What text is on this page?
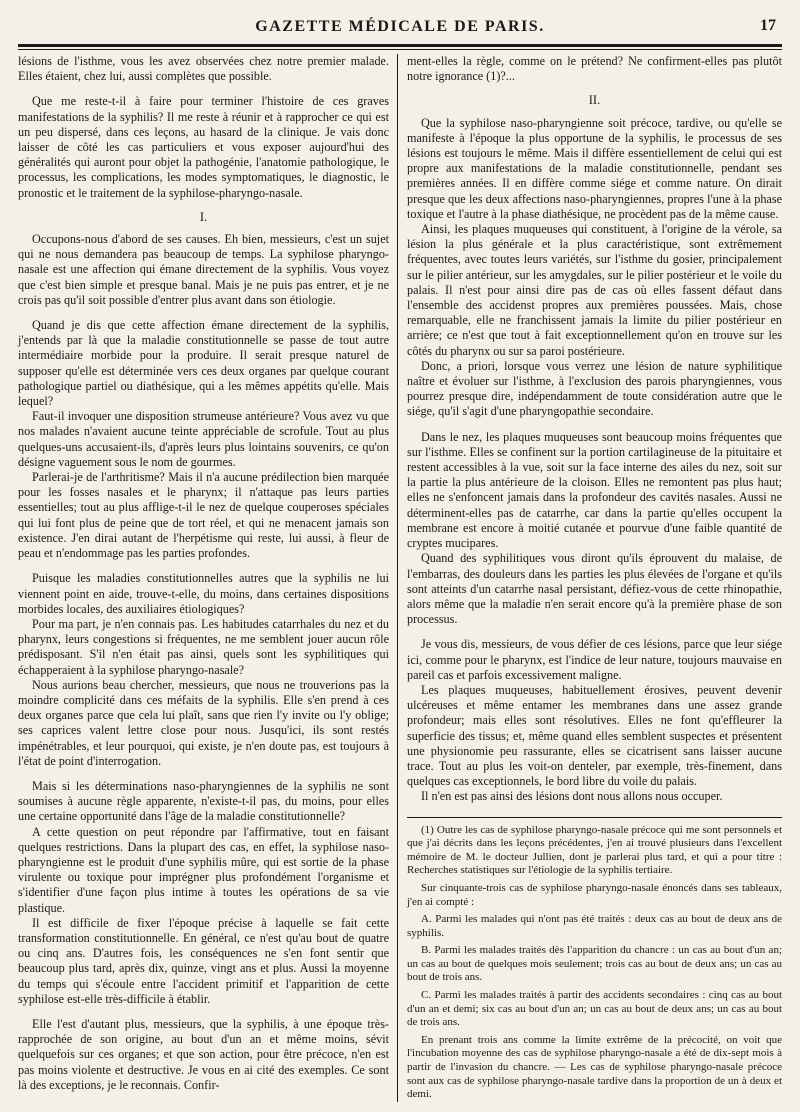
GAZETTE MÉDICALE DE PARIS.	17

lésions de l'isthme, vous les avez observées chez notre premier malade. Elles étaient, chez lui, aussi complètes que possible.

Que me reste-t-il à faire pour terminer l'histoire de ces graves manifestations de la syphilis? Il me reste à réunir et à rapprocher ce qui est un peu dispersé, dans ces leçons, au hasard de la clinique. Je vais donc laisser de côté les cas particuliers et vous exposer aujourd'hui des généralités qui auront pour objet la pathogénie, l'anatomie pathologique, le processus, les complications, les modes symptomatiques, le diagnostic, le pronostic et le traitement de la syphilose-pharyngo-nasale.

I.

Occupons-nous d'abord de ses causes. Eh bien, messieurs, c'est un sujet qui ne nous demandera pas beaucoup de temps. La syphilose pharyngo-nasale est une affection qui émane directement de la syphilis. Vous voyez que c'est bien simple et presque banal. Mais je ne puis pas entrer, et je ne crois pas qu'il soit possible d'entrer plus avant dans son étiologie.

Quand je dis que cette affection émane directement de la syphilis, j'entends par là que la maladie constitutionnelle se passe de tout autre intermédiaire morbide pour la produire. Il serait presque naturel de supposer qu'elle est déterminée vers ces deux organes par quelque courant pathologique partiel ou diathésique, qui a les mêmes appétits qu'elle. Mais lequel?

Faut-il invoquer une disposition strumeuse antérieure? Vous avez vu que nos malades n'avaient aucune teinte appréciable de scrofule. Tout au plus quelques-uns accusaient-ils, d'après leurs plus lointains souvenirs, ce qu'on désigne vaguement sous le nom de gourmes.

Parlerai-je de l'arthritisme? Mais il n'a aucune prédilection bien marquée pour les fosses nasales et le pharynx; il n'attaque pas leurs parties essentielles; tout au plus afflige-t-il le nez de quelque couperoses spéciales qui lui font plus de peine que de tort réel, et qui ne menacent jamais son existence. J'en dirai autant de l'herpétisme qui reste, lui aussi, à fleur de peau et n'endommage pas les parties profondes.

Puisque les maladies constitutionnelles autres que la syphilis ne lui viennent point en aide, trouve-t-elle, du moins, dans certaines dispositions morbides locales, des auxiliaires étiologiques?

Pour ma part, je n'en connais pas. Les habitudes catarrhales du nez et du pharynx, leurs congestions si fréquentes, ne me semblent jouer aucun rôle prédisposant. S'il n'en était pas ainsi, quels sont les syphilitiques qui échapperaient à la syphilose pharyngo-nasale?

Nous aurions beau chercher, messieurs, que nous ne trouverions pas la moindre complicité dans ces méfaits de la syphilis. Elle s'en prend à ces deux organes parce que cela lui plaît, sans que rien l'y invite ou l'y oblige; ses caprices valent lettre close pour nous. Jusqu'ici, ils sont restés impénétrables, et leur pourquoi, qui existe, je n'en doute pas, est toujours à l'état de point d'interrogation.

Mais si les déterminations naso-pharyngiennes de la syphilis ne sont soumises à aucune règle apparente, n'existe-t-il pas, du moins, pour elles une certaine opportunité dans l'âge de la maladie constitutionnelle?

A cette question on peut répondre par l'affirmative, tout en faisant quelques restrictions. Dans la plupart des cas, en effet, la syphilose naso-pharyngienne est le produit d'une syphilis mûre, qui est sortie de la phase virulente ou toxique pour imprégner plus profondément l'organisme et s'identifier d'une façon plus intime à toutes les opérations de sa vie plastique.

Il est difficile de fixer l'époque précise à laquelle se fait cette transformation constitutionnelle. En général, ce n'est qu'au bout de quatre ou cinq ans. D'autres fois, les conséquences ne s'en font sentir que beaucoup plus tard, après dix, quinze, vingt ans et plus. Aussi la moyenne du temps qui s'écoule entre l'accident primitif et l'apparition de cette syphilose est-elle très-difficile à établir.

Elle l'est d'autant plus, messieurs, que la syphilis, à une époque très-rapprochée de son origine, au bout d'un an et même moins, sévit quelquefois sur ces organes; et que son action, pour être précoce, n'en est pas moins violente et destructive. Je vous en ai cité des exemples. Ce sont là des exceptions, je le reconnais. Confir-

ment-elles la règle, comme on le prétend? Ne confirment-elles pas plutôt notre ignorance (1)?...

II.

Que la syphilose naso-pharyngienne soit précoce, tardive, ou qu'elle se manifeste à l'époque la plus opportune de la syphilis, le processus de ses lésions est toujours le même. Mais il diffère essentiellement de celui qui est propre aux manifestations de la maladie constitutionnelle, pendant ses premières années. Il en diffère comme siége et comme nature. On dirait presque que les deux affections naso-pharyngiennes, propres l'une à la phase toxique et l'autre à la phase diathésique, ne procèdent pas de la même cause.

Ainsi, les plaques muqueuses qui constituent, à l'origine de la vérole, sa lésion la plus générale et la plus caractéristique, sont extrêmement fréquentes, avec toutes leurs variétés, sur l'isthme du gosier, principalement sur le pilier antérieur, sur les amygdales, sur le pilier postérieur et le voile du palais. Il n'est pour ainsi dire pas de cas où elles fassent défaut dans l'ensemble des accidenst propres aux premières poussées. Mais, chose remarquable, elle ne franchissent jamais la limite du pilier postérieur en arrière; ce n'est que tout à fait exceptionnellement qu'on en trouve sur les côtés du pharynx ou sur sa paroi postérieure.

Donc, a priori, lorsque vous verrez une lésion de nature syphilitique naître et évoluer sur l'isthme, à l'exclusion des parois pharyngiennes, vous pourrez presque dire, indépendamment de toute considération autre que le siége, qu'il s'agit d'une pharyngopathie secondaire.

Dans le nez, les plaques muqueuses sont beaucoup moins fréquentes que sur l'isthme. Elles se confinent sur la portion cartilagineuse de la pituitaire et restent accessibles à la vue, soit sur la face interne des ailes du nez, soit sur la partie la plus antérieure de la cloison. Elles ne remontent pas plus haut; elles ne s'enfoncent jamais dans la profondeur des cavités nasales. Aussi ne déterminent-elles pas de catarrhe, car dans la partie qu'elles occupent la membrane est encore à moitié cutanée et pourvue d'une faible quantité de cryptes mucipares.

Quand des syphilitiques vous diront qu'ils éprouvent du malaise, de l'embarras, des douleurs dans les parties les plus élevées de l'organe et qu'ils sont atteints d'un catarrhe nasal persistant, défiez-vous de cette rhinopathie, alors même que la maladie n'en serait encore qu'à la première phase de son processus.

Je vous dis, messieurs, de vous défier de ces lésions, parce que leur siége ici, comme pour le pharynx, est l'indice de leur nature, toujours mauvaise en pareil cas et parfois excessivement maligne.

Les plaques muqueuses, habituellement érosives, peuvent devenir ulcéreuses et même entamer les membranes dans une assez grande profondeur; mais elles sont résolutives. Elles ne font qu'effleurer la superficie des tissus; et, même quand elles semblent suspectes et présentent une physionomie peu rassurante, elles se cicatrisent sans laisser aucune trace. Tout au plus les voit-on denteler, par exemple, très-finement, dans quelques cas exceptionnels, le bord libre du voile du palais.

Il n'en est pas ainsi des lésions dont nous allons nous occuper.

(1) Outre les cas de syphilose pharyngo-nasale précoce qui me sont personnels et que j'ai décrits dans les leçons précédentes, j'en ai trouvé plusieurs dans l'excellent mémoire de M. le docteur Jullien, dont je parlerai plus tard, et qui a pour titre : Recherches statistiques sur l'étiologie de la syphilis tertiaire.

Sur cinquante-trois cas de syphilose pharyngo-nasale énoncés dans ses tableaux, j'en ai compté :

A. Parmi les malades qui n'ont pas été traités : deux cas au bout de deux ans de syphilis.

B. Parmi les malades traités dès l'apparition du chancre : un cas au bout d'un an; un cas au bout de quelques mois seulement; trois cas au bout de deux ans; un cas au bout de trois ans.

C. Parmi les malades traités à partir des accidents secondaires : cinq cas au bout d'un an et demi; six cas au bout d'un an; un cas au bout de deux ans; un cas au bout de trois ans.

En prenant trois ans comme la limite extrême de la précocité, on voit que l'incubation moyenne des cas de syphilose pharyngo-nasale a été de dix-sept mois à partir de l'invasion du chancre. — Les cas de syphilose pharyngo-nasale précoce sont aux cas de syphilose pharyngo-nasale tardive dans la proportion de un à deux et demi.
